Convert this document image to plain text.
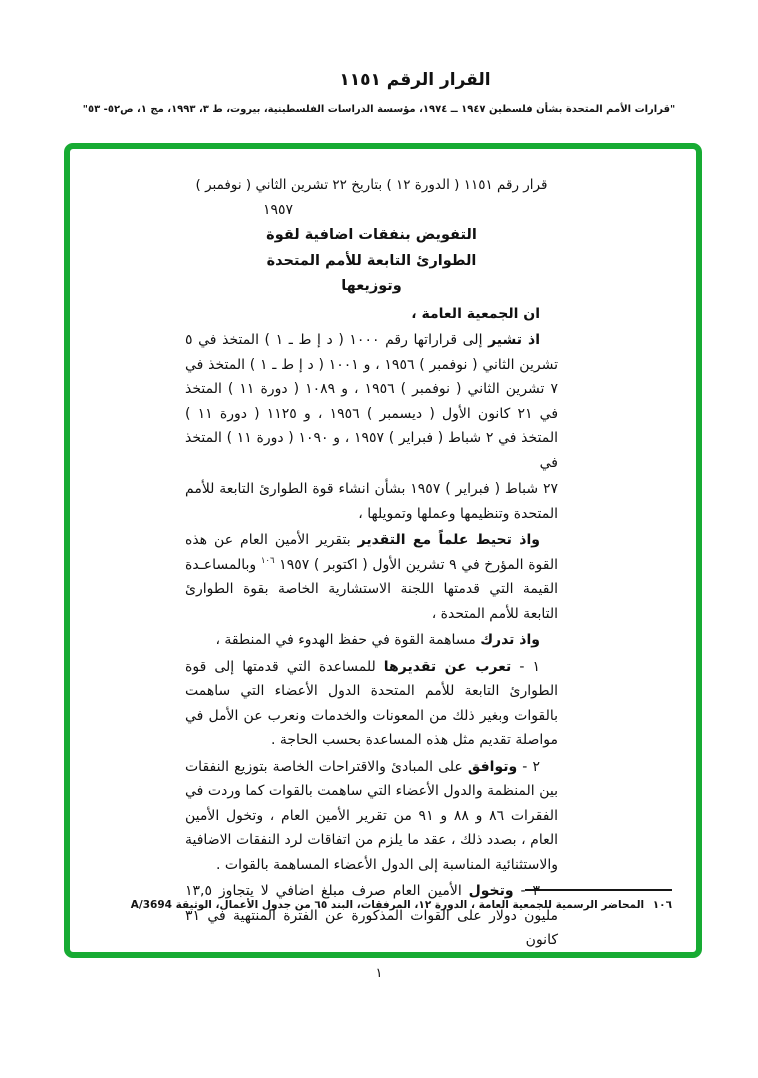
القرار الرقم ١١٥١
"قرارات الأمم المتحدة بشأن فلسطين ١٩٤٧ ــ ١٩٧٤، مؤسسة الدراسات الفلسطينية، بيروت، ط ٣، ١٩٩٣، مج ١، ص٥٢- ٥٣"
قرار رقم ١١٥١ ( الدورة ١٢ ) بتاريخ ٢٢ تشرين الثاني ( نوفمبر )
١٩٥٧
التفويض بنفقات اضافية لقوة
الطوارئ التابعة للأمم المتحدة
وتوزيعها

ان الجمعية العامة ،

اذ تشير إلى قراراتها رقم ١٠٠٠ ( د إ ط ـ ١ ) المتخذ في ٥ تشرين الثاني ( نوفمبر ) ١٩٥٦ ، و ١٠٠١ ( د إ ط ـ ١ ) المتخذ في ٧ تشرين الثاني ( نوفمبر ) ١٩٥٦ ، و ١٠٨٩ ( دورة ١١ ) المتخذ في ٢١ كانون الأول ( ديسمبر ) ١٩٥٦ ، و ١١٢٥ ( دورة ١١ ) المتخذ في ٢ شباط ( فبراير ) ١٩٥٧ ، و ١٠٩٠ ( دورة ١١ ) المتخذ في

٢٧ شباط ( فبراير ) ١٩٥٧ بشأن انشاء قوة الطوارئ التابعة للأمم المتحدة وتنظيمها وعملها وتمويلها ،

واذ تحيط علماً مع التقدير بتقرير الأمين العام عن هذه القوة المؤرخ في ٩ تشرين الأول ( اكتوبر ) ١٩٥٧ $^{١٠٦}$ وبالمساعـدة القيمة التي قدمتها اللجنة الاستشارية الخاصة بقوة الطوارئ التابعة للأمم المتحدة ،

واذ تدرك مساهمة القوة في حفظ الهدوء في المنطقة ،

١ - تعرب عن تقديرها للمساعدة التي قدمتها إلى قوة الطوارئ التابعة للأمم المتحدة الدول الأعضاء التي ساهمت بالقوات وبغير ذلك من المعونات والخدمات ونعرب عن الأمل في مواصلة تقديم مثل هذه المساعدة بحسب الحاجة .

٢ - وتوافق على المبادئ والاقتراحات الخاصة بتوزيع النفقات بين المنظمة والدول الأعضاء التي ساهمت بالقوات كما وردت في الفقرات ٨٦ و ٨٨ و ٩١ من تقرير الأمين العام ، وتخول الأمين العام ، بصدد ذلك ، عقد ما يلزم من اتفاقات لرد النفقات الاضافية والاستثنائية المناسبة إلى الدول الأعضاء المساهمة بالقوات .

٣ - وتخول الأمين العام صرف مبلغ اضافي لا يتجاوز ١٣,٥ مليون دولار على القوات المذكورة عن الفترة المنتهية في ٣١ كانون

١٠٦ المحاضر الرسمية للجمعية العامة ، الدورة ١٢، المرفقات، البند ٦٥ من جدول الأعمال، الوثيقة A/3694
١
